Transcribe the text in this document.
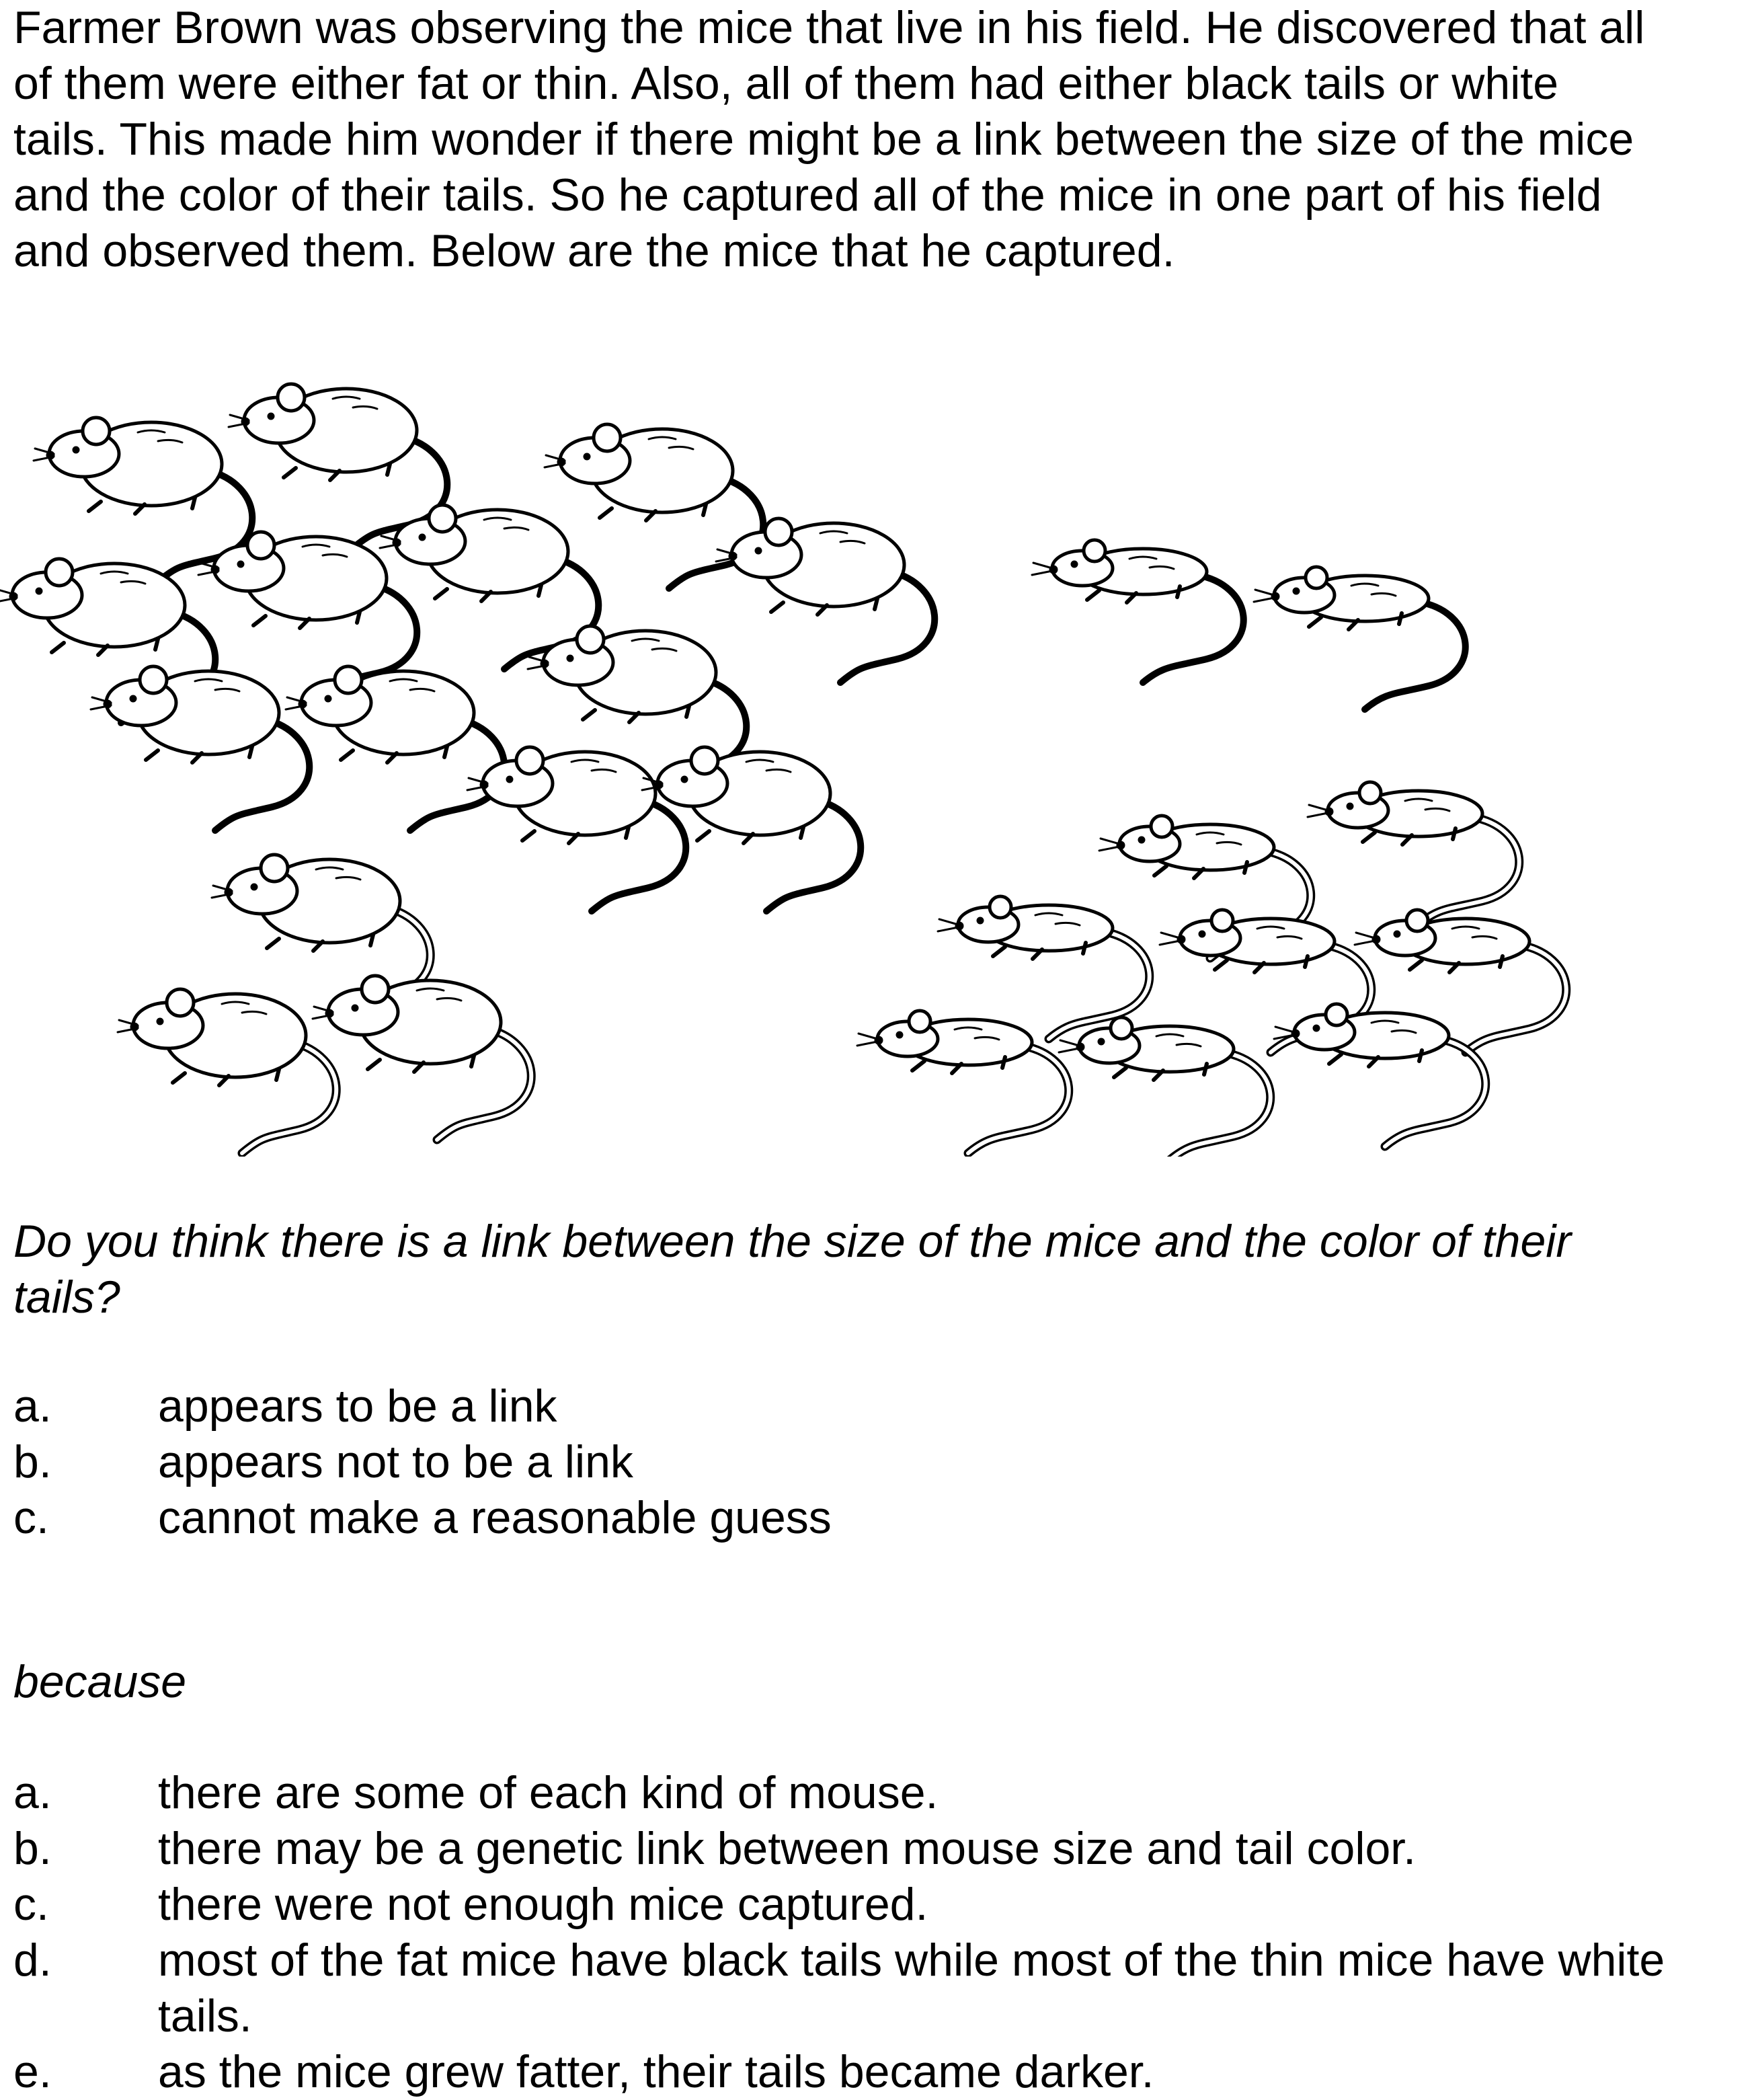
Farmer Brown was observing the mice that live in his field. He discovered that all
of them were either fat or thin. Also, all of them had either black tails or white
tails. This made him wonder if there might be a link between the size of the mice
and the color of their tails. So he captured all of the mice in one part of his field
and observed them. Below are the mice that he captured.

Do you think there is a link between the size of the mice and the color of their
tails?

a.	appears to be a link
b.	appears not to be a link
c.	cannot make a reasonable guess

because

a.	there are some of each kind of mouse.
b.	there may be a genetic link between mouse size and tail color.
c.	there were not enough mice captured.
d.	most of the fat mice have black tails while most of the thin mice have white tails.
e.	as the mice grew fatter, their tails became darker.
